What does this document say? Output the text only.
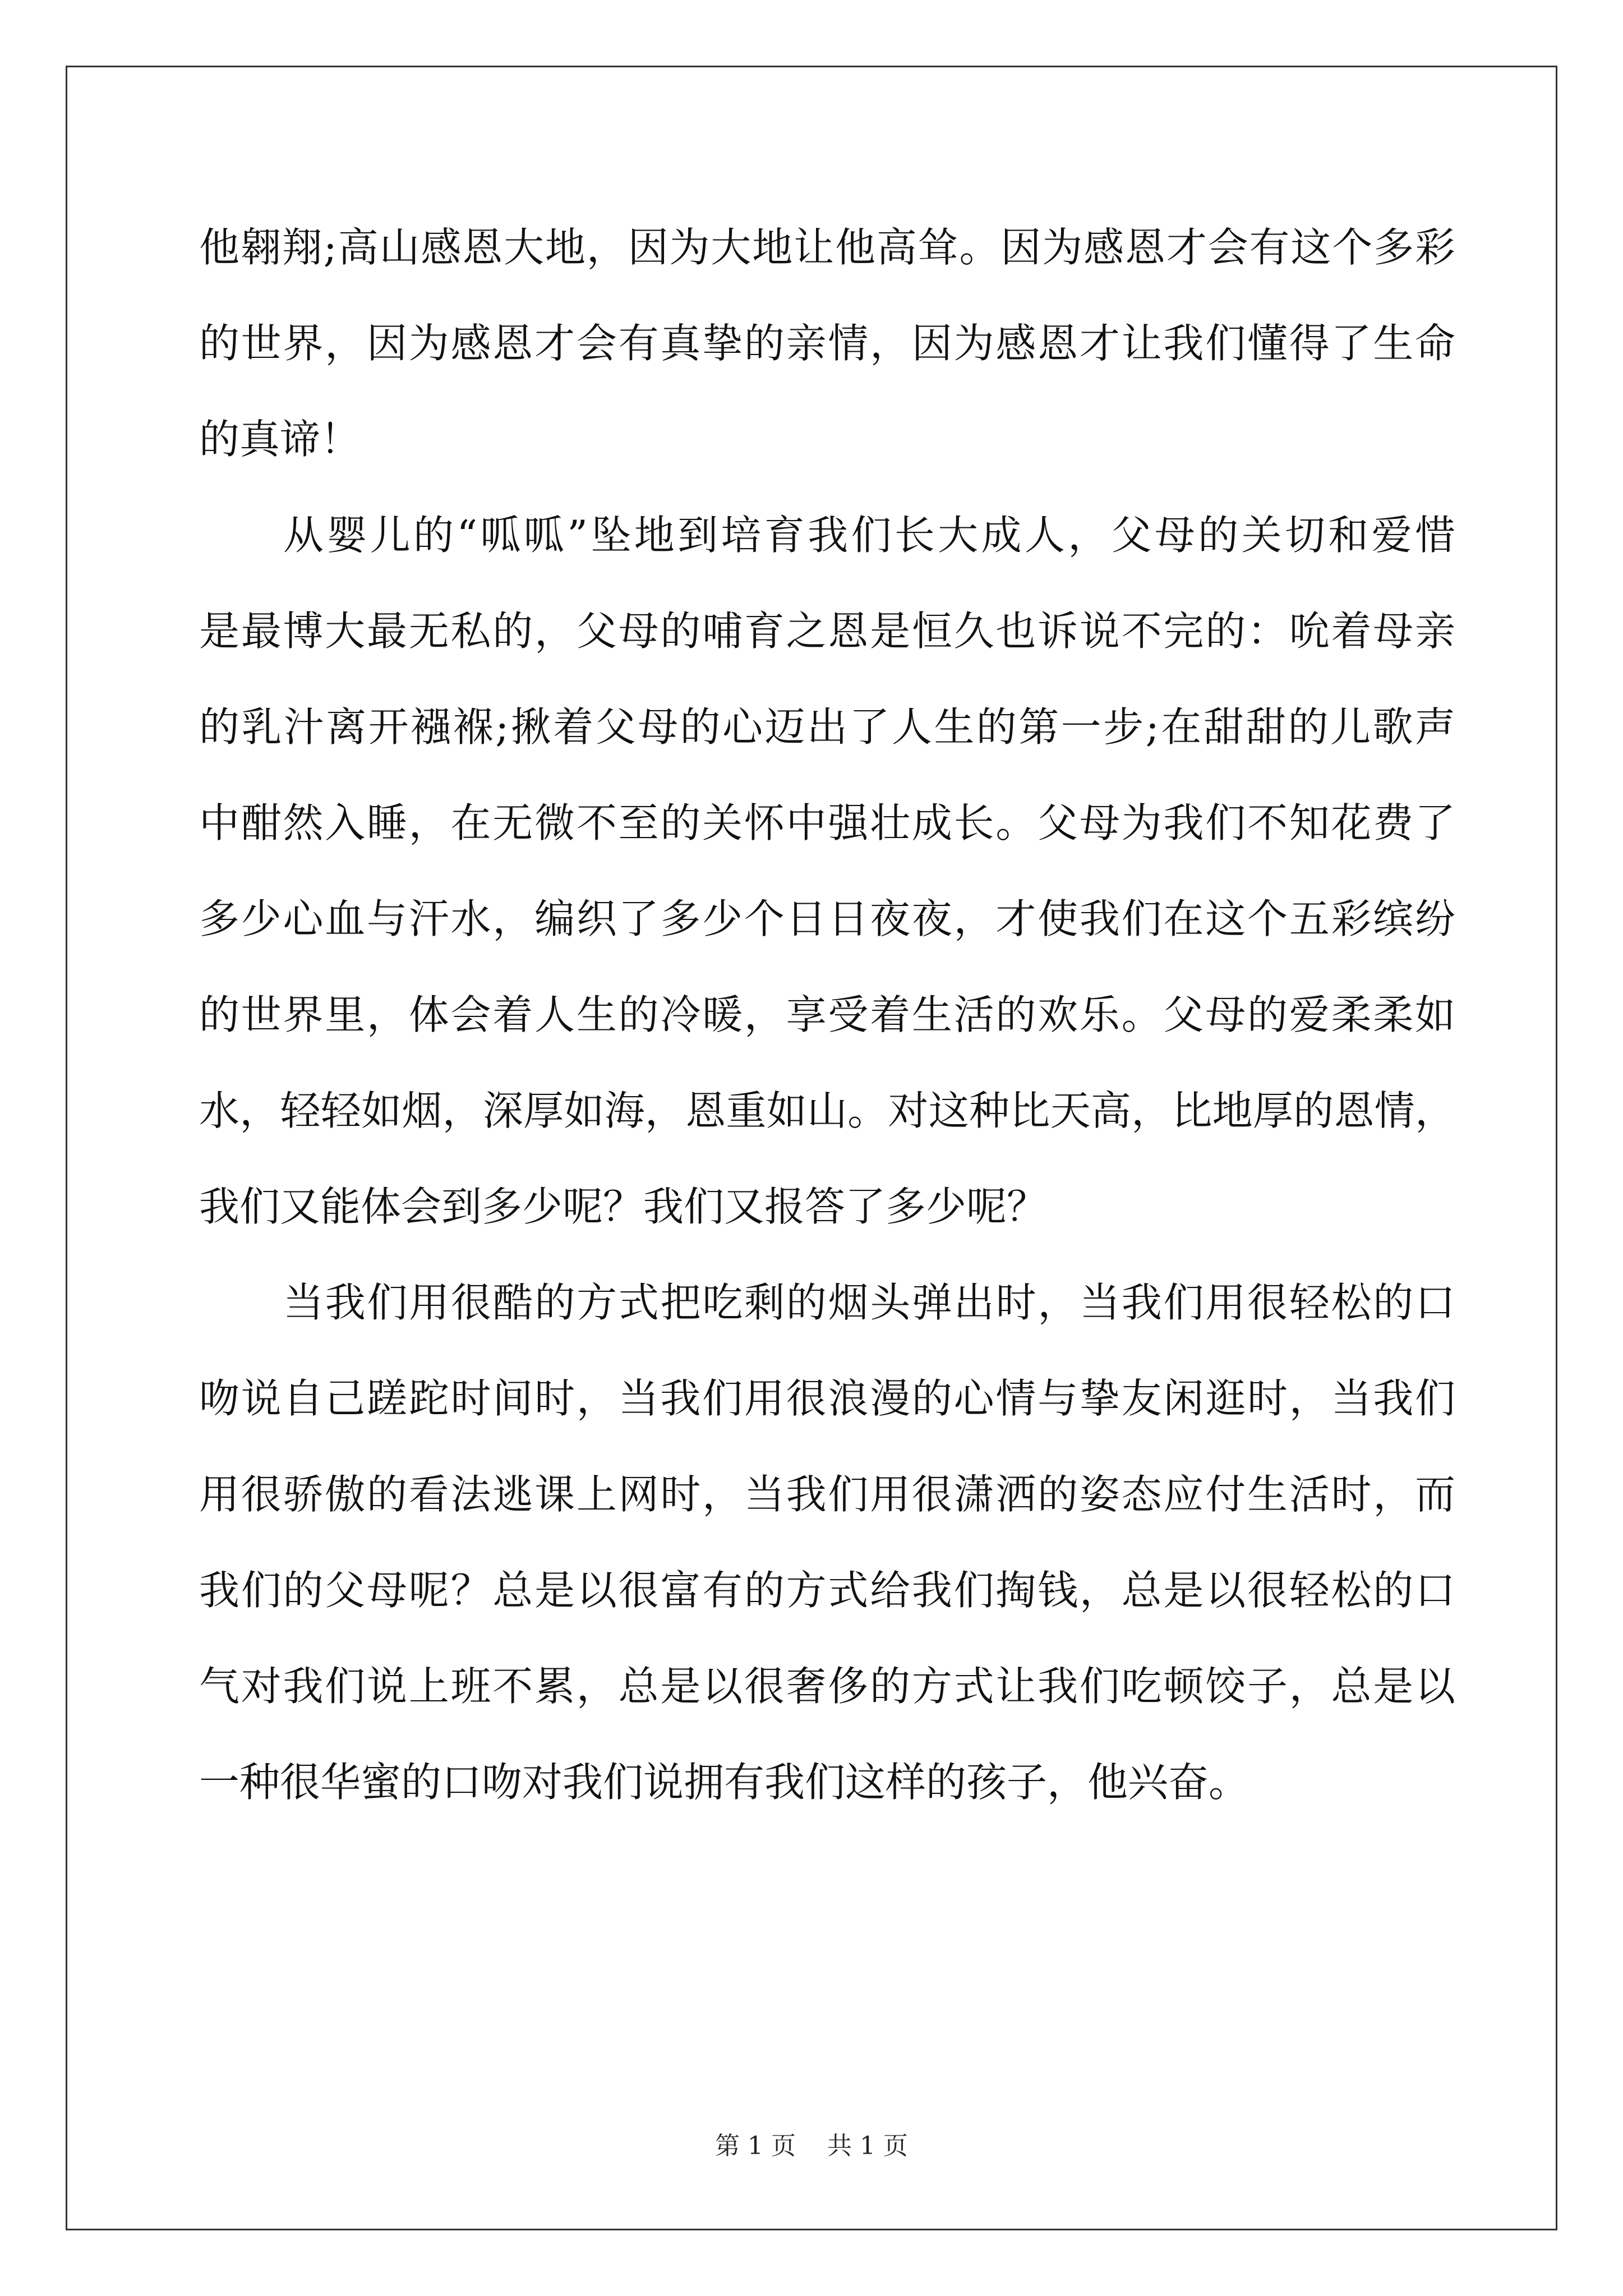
他翱翔;高山感恩大地，因为大地让他高耸。因为感恩才会有这个多彩
的世界，因为感恩才会有真挚的亲情，因为感恩才让我们懂得了生命
的真谛！
从婴儿的“呱呱”坠地到培育我们长大成人，父母的关切和爱惜
是最博大最无私的，父母的哺育之恩是恒久也诉说不完的：吮着母亲
的乳汁离开襁褓;揪着父母的心迈出了人生的第一步;在甜甜的儿歌声
中酣然入睡，在无微不至的关怀中强壮成长。父母为我们不知花费了
多少心血与汗水，编织了多少个日日夜夜，才使我们在这个五彩缤纷
的世界里，体会着人生的冷暖，享受着生活的欢乐。父母的爱柔柔如
水，轻轻如烟，深厚如海，恩重如山。对这种比天高，比地厚的恩情，
我们又能体会到多少呢？我们又报答了多少呢？
当我们用很酷的方式把吃剩的烟头弹出时，当我们用很轻松的口
吻说自己蹉跎时间时，当我们用很浪漫的心情与挚友闲逛时，当我们
用很骄傲的看法逃课上网时，当我们用很潇洒的姿态应付生活时，而
我们的父母呢？总是以很富有的方式给我们掏钱，总是以很轻松的口
气对我们说上班不累，总是以很奢侈的方式让我们吃顿饺子，总是以
一种很华蜜的口吻对我们说拥有我们这样的孩子，他兴奋。
第 1 页    共 1 页
